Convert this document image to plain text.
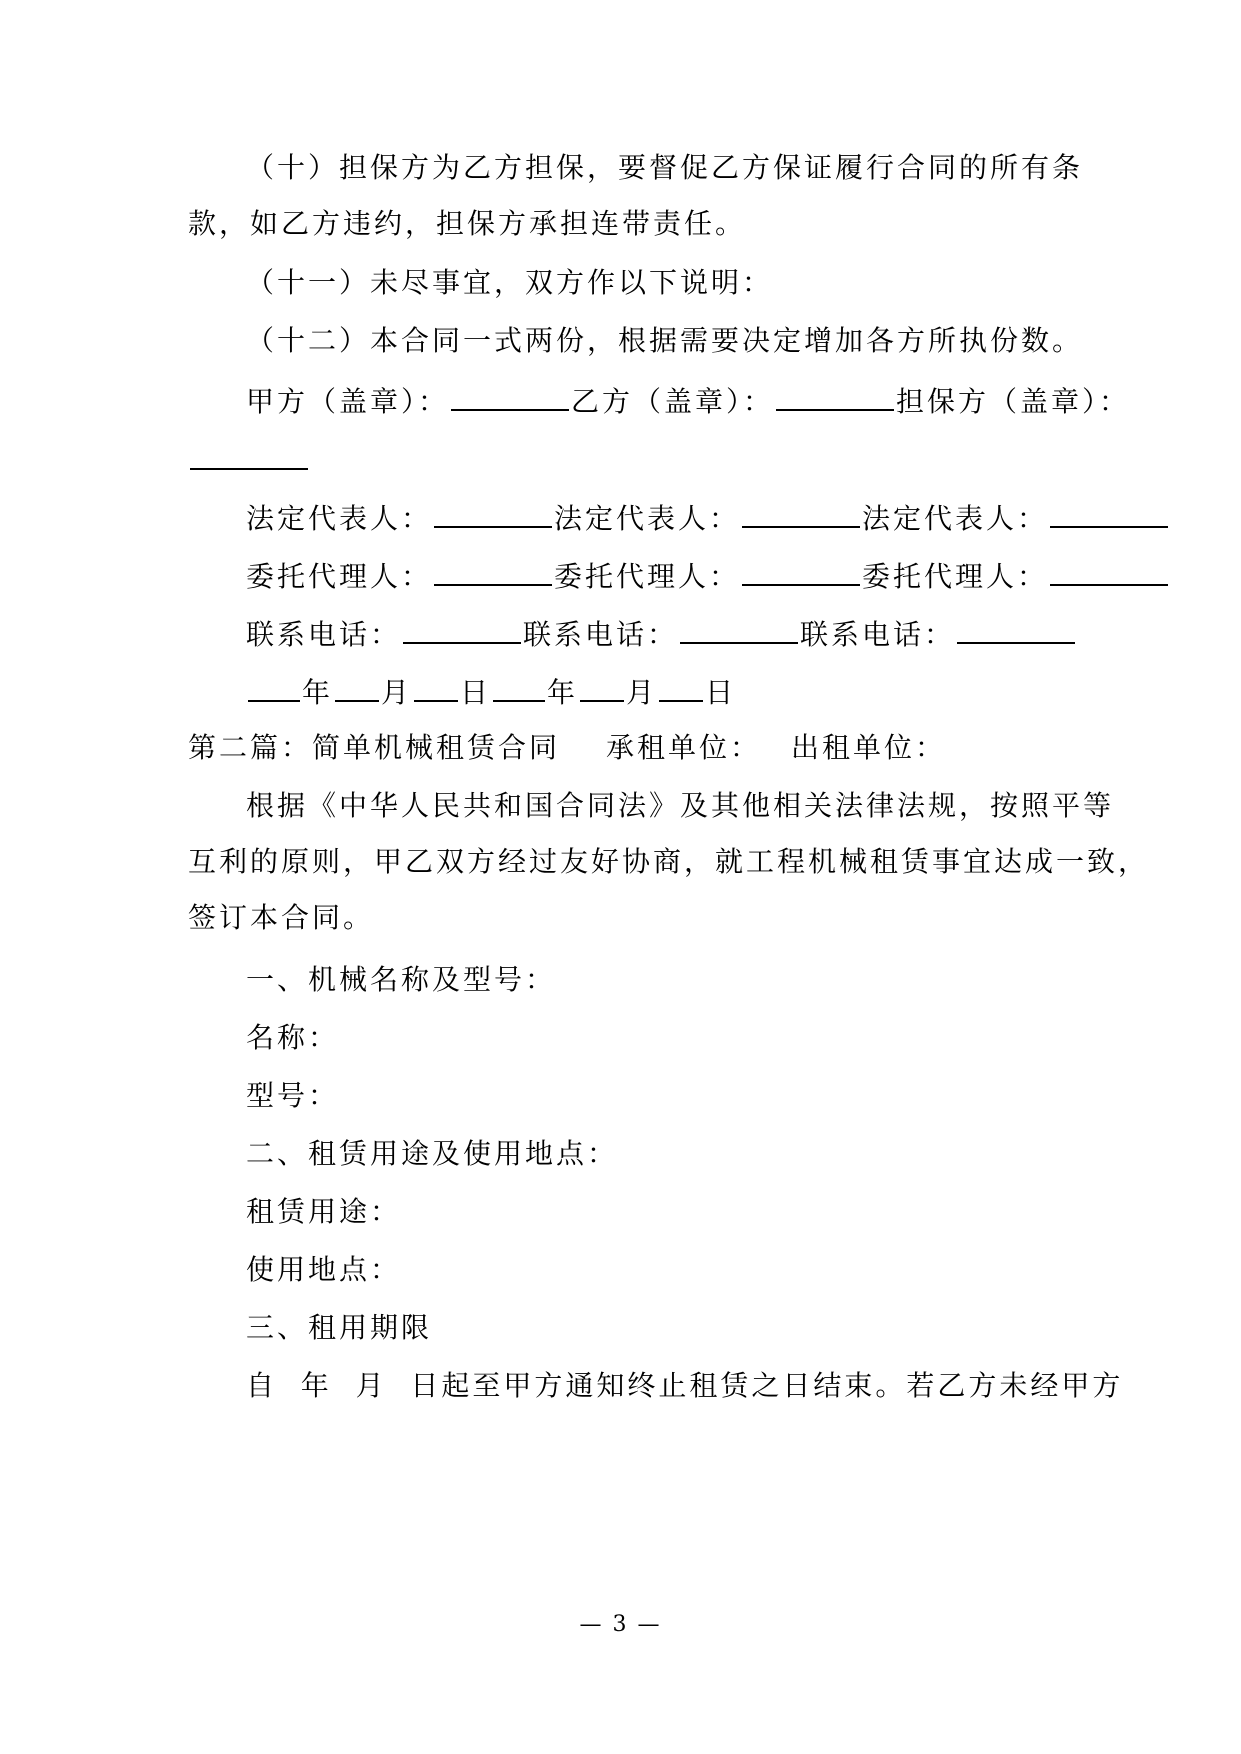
（十）担保方为乙方担保，要督促乙方保证履行合同的所有条
款，如乙方违约，担保方承担连带责任。
（十一）未尽事宜，双方作以下说明：
（十二）本合同一式两份，根据需要决定增加各方所执份数。
甲方（盖章）：	乙方（盖章）：	担保方（盖章）：
法定代表人：	法定代表人：	法定代表人：
委托代理人：	委托代理人：	委托代理人：
联系电话：	联系电话：	联系电话：
年 月 日 年 月 日
第二篇：简单机械租赁合同 承租单位： 出租单位：
根据《中华人民共和国合同法》及其他相关法律法规，按照平等
互利的原则，甲乙双方经过友好协商，就工程机械租赁事宜达成一致，
签订本合同。
一、机械名称及型号：
名称：
型号：
二、租赁用途及使用地点：
租赁用途：
使用地点：
三、租用期限
自  年  月  日起至甲方通知终止租赁之日结束。若乙方未经甲方
— 3 —
